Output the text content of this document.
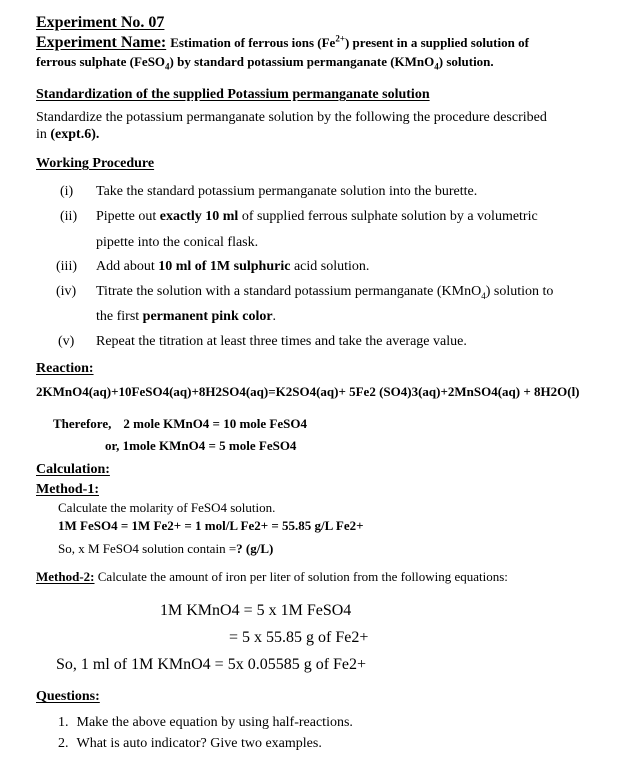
Experiment No. 07
Experiment Name: Estimation of ferrous ions $(Fe^{2+})$ present in a supplied solution of
ferrous sulphate (FeSO$_4$) by standard potassium permanganate (KMnO$_4$) solution.
Standardization of the supplied Potassium permanganate solution
Standardize the potassium permanganate solution by the following the procedure described
in (expt.6).
Working Procedure
(i) Take the standard potassium permanganate solution into the burette.
(ii) Pipette out exactly 10 ml of supplied ferrous sulphate solution by a volumetric
pipette into the conical flask.
(iii) Add about 10 ml of 1M sulphuric acid solution.
(iv) Titrate the solution with a standard potassium permanganate (KMnO$_4$) solution to
the first permanent pink color.
(v) Repeat the titration at least three times and take the average value.
Reaction:
2KMnO4(aq)+10FeSO4(aq)+8H2SO4(aq)=K2SO4(aq)+ 5Fe2 (SO4)3(aq)+2MnSO4(aq) + 8H2O(l)
Therefore, 2 mole KMnO4 = 10 mole FeSO4
or, 1mole KMnO4 = 5 mole FeSO4
Calculation:
Method-1:
Calculate the molarity of FeSO4 solution.
1M FeSO4 = 1M Fe2+ = 1 mol/L Fe2+ = 55.85 g/L Fe2+
So, x M FeSO4 solution contain =? (g/L)
Method-2: Calculate the amount of iron per liter of solution from the following equations:
1M KMnO4 = 5 x 1M FeSO4
= 5 x 55.85 g of Fe2+
So, 1 ml of 1M KMnO4 = 5x 0.05585 g of Fe2+
Questions:
1. Make the above equation by using half-reactions.
2. What is auto indicator? Give two examples.
